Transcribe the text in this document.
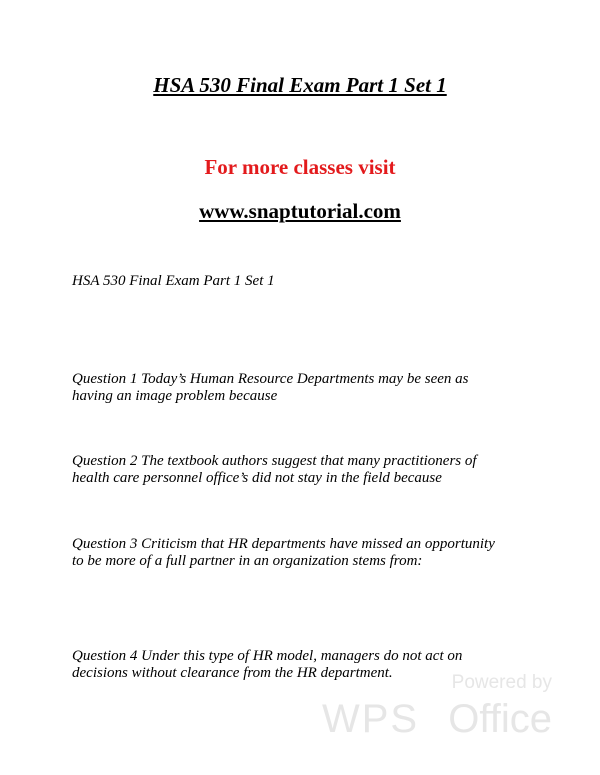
HSA 530 Final Exam Part 1 Set 1
For more classes visit
www.snaptutorial.com
HSA 530 Final Exam Part 1 Set 1
Question 1 Today’s Human Resource Departments may be seen as
having an image problem because
Question 2 The textbook authors suggest that many practitioners of
health care personnel office’s did not stay in the field because
Question 3 Criticism that HR departments have missed an opportunity
to be more of a full partner in an organization stems from:
Question 4 Under this type of HR model, managers do not act on
decisions without clearance from the HR department.	Powered by
WPS Office
